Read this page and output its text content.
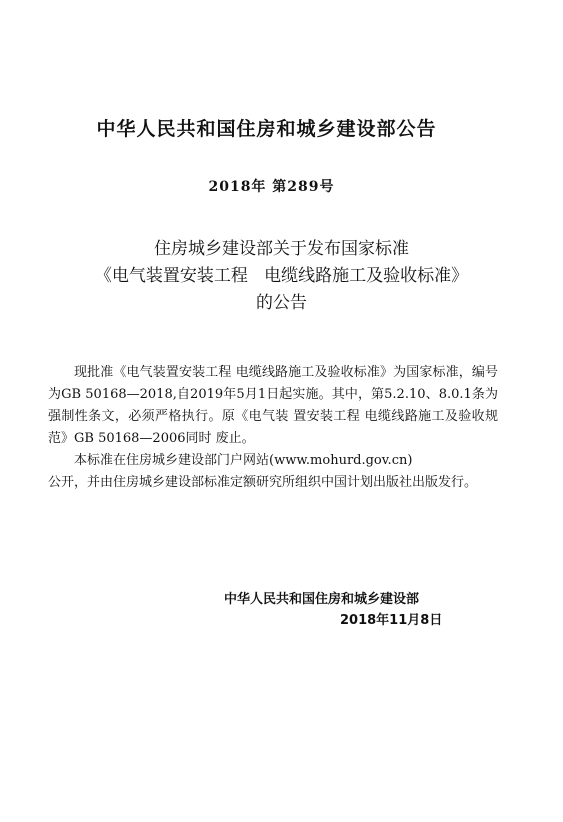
中华人民共和国住房和城乡建设部公告
2018年 第289号
住房城乡建设部关于发布国家标准
《电气装置安装工程   电缆线路施工及验收标准》
的公告

现批准《电气装置安装工程 电缆线路施工及验收标准》为国家标准，编号为GB 50168—2018,自2019年5月1日起实施。其中，第5.2.10、8.0.1条为强制性条文，必须严格执行。原《电气装 置安装工程 电缆线路施工及验收规范》GB 50168—2006同时 废止。

本标准在住房城乡建设部门户网站(www.mohurd.gov.cn)

公开，并由住房城乡建设部标准定额研究所组织中国计划出版社出版发行。

中华人民共和国住房和城乡建设部
2018年11月8日
